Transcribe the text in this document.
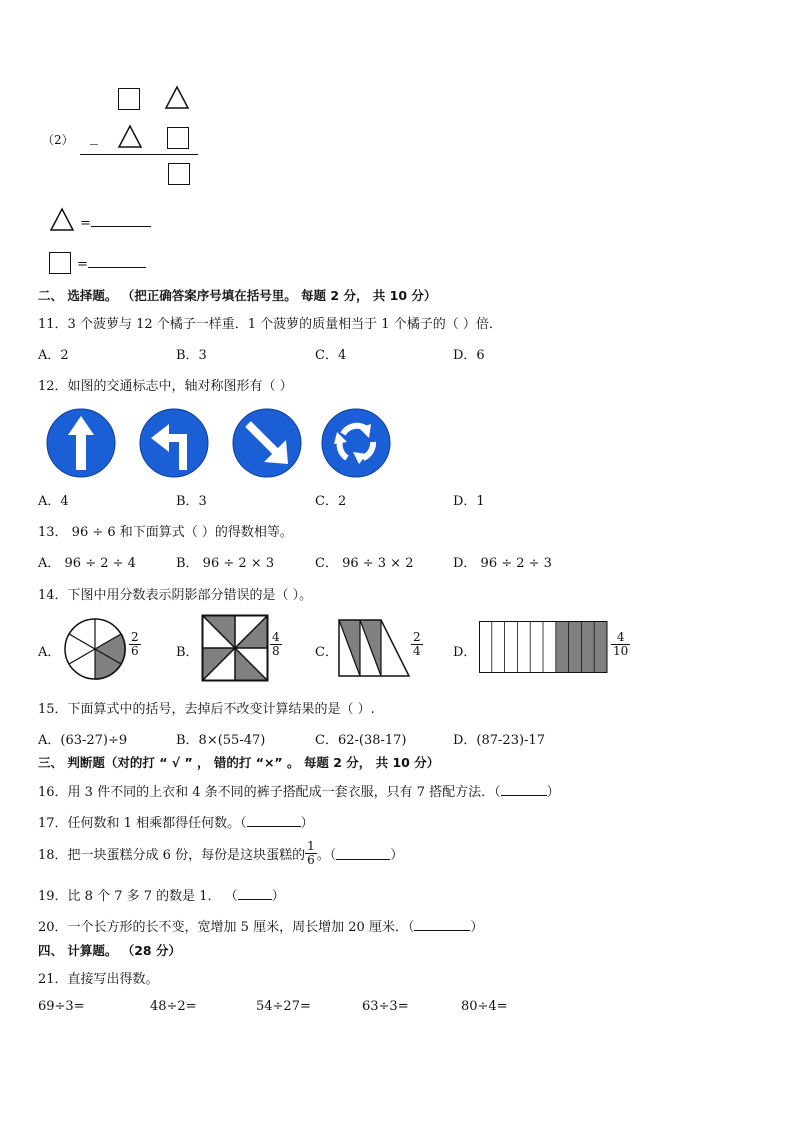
（2） _
=
=
二、 选择题。 （把正确答案序号填在括号里。 每题 2 分， 共 10 分）
11．3 个菠萝与 12 个橘子一样重．1 个菠萝的质量相当于 1 个橘子的（ ）倍．
A．2	B．3	C．4	D．6
12．如图的交通标志中，轴对称图形有（ ）
A．4	B．3	C．2	D．1
13． 96 ÷ 6 和下面算式（ ）的得数相等。
A． 96 ÷ 2 ÷ 4	B． 96 ÷ 2 × 3	C． 96 ÷ 3 × 2	D． 96 ÷ 2 ÷ 3
14．下图中用分数表示阴影部分错误的是（ ）。
A．	$\frac{2}{6}$	B．	$\frac{4}{8}$	C．	$\frac{2}{4}$ D．	$\frac{4}{10}$
15．下面算式中的括号，去掉后不改变计算结果的是（ ）.
A．(63-27)÷9	B．8×(55-47)	C．62-(38-17)	D．(87-23)-17
三、 判断题（对的打 “ √ ” ， 错的打 “×” 。 每题 2 分， 共 10 分）
16．用 3 件不同的上衣和 4 条不同的裤子搭配成一套衣服，只有 7 搭配方法．（	）
17．任何数和 1 相乘都得任何数。（	）
18．把一块蛋糕分成 6 份，每份是这块蛋糕的 $\frac{1}{6}$ 。（	）
19．比 8 个 7 多 7 的数是 1． （	）
20．一个长方形的长不变，宽增加 5 厘米，周长增加 20 厘米．（	）
四、 计算题。 （28 分）
21．直接写出得数。
69÷3=	48÷2=	54÷27=	63÷3=	80÷4=
